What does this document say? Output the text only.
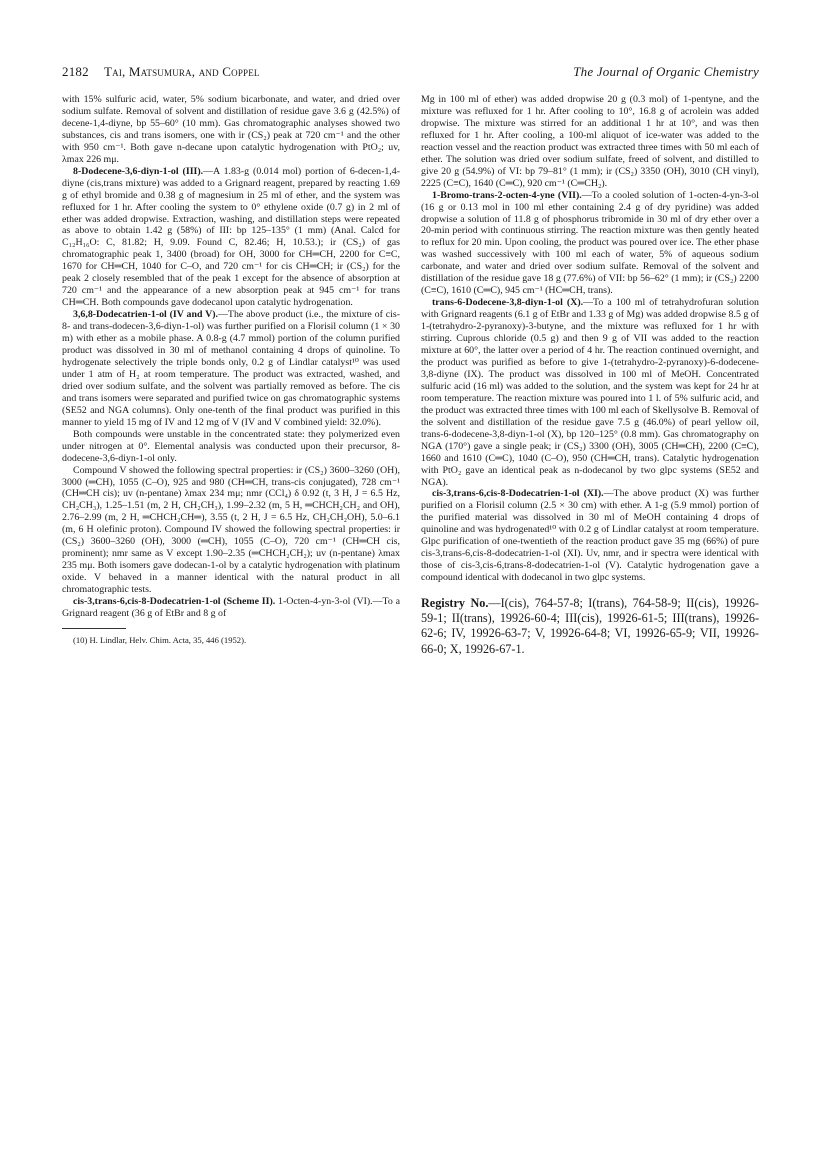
2182 Tai, Matsumura, and Coppel	The Journal of Organic Chemistry

with 15% sulfuric acid, water, 5% sodium bicarbonate, and water, and dried over sodium sulfate. Removal of solvent and distillation of residue gave 3.6 g (42.5%) of decene-1,4-diyne, bp 55–60° (10 mm). Gas chromatographic analyses showed two substances, cis and trans isomers, one with ir (CS₂) peak at 720 cm⁻¹ and the other with 950 cm⁻¹. Both gave n-decane upon catalytic hydrogenation with PtO₂; uv, λmax 226 mμ.

8-Dodecene-3,6-diyn-1-ol (III).—A 1.83-g (0.014 mol) portion of 6-decen-1,4-diyne (cis,trans mixture) was added to a Grignard reagent, prepared by reacting 1.69 g of ethyl bromide and 0.38 g of magnesium in 25 ml of ether, and the system was refluxed for 1 hr. After cooling the system to 0° ethylene oxide (0.7 g) in 2 ml of ether was added dropwise. Extraction, washing, and distillation steps were repeated as above to obtain 1.42 g (58%) of III: bp 125–135° (1 mm) (Anal. Calcd for C₁₂H₁₆O: C, 81.82; H, 9.09. Found C, 82.46; H, 10.53.); ir (CS₂) of gas chromatographic peak 1, 3400 (broad) for OH, 3000 for CH═CH, 2200 for C≡C, 1670 for CH═CH, 1040 for C–O, and 720 cm⁻¹ for cis CH═CH; ir (CS₂) for the peak 2 closely resembled that of the peak 1 except for the absence of absorption at 720 cm⁻¹ and the appearance of a new absorption peak at 945 cm⁻¹ for trans CH═CH. Both compounds gave dodecanol upon catalytic hydrogenation.

3,6,8-Dodecatrien-1-ol (IV and V).—The above product (i.e., the mixture of cis-8- and trans-dodecen-3,6-diyn-1-ol) was further purified on a Florisil column (1 × 30 m) with ether as a mobile phase. A 0.8-g (4.7 mmol) portion of the column purified product was dissolved in 30 ml of methanol containing 4 drops of quinoline. To hydrogenate selectively the triple bonds only, 0.2 g of Lindlar catalyst¹⁰ was used under 1 atm of H₂ at room temperature. The product was extracted, washed, and dried over sodium sulfate, and the solvent was partially removed as before. The cis and trans isomers were separated and purified twice on gas chromatographic systems (SE52 and NGA columns). Only one-tenth of the final product was purified in this manner to yield 15 mg of IV and 12 mg of V (IV and V combined yield: 32.0%).

Both compounds were unstable in the concentrated state: they polymerized even under nitrogen at 0°. Elemental analysis was conducted upon their precursor, 8-dodecene-3,6-diyn-1-ol only.

Compound V showed the following spectral properties: ir (CS₂) 3600–3260 (OH), 3000 (═CH), 1055 (C–O), 925 and 980 (CH═CH, trans-cis conjugated), 728 cm⁻¹ (CH═CH cis); uv (n-pentane) λmax 234 mμ; nmr (CCl₄) δ 0.92 (t, 3 H, J = 6.5 Hz, CH₂CH₃), 1.25–1.51 (m, 2 H, CH₂CH₃), 1.99–2.32 (m, 5 H, ═CHCH₂CH₂ and OH), 2.76–2.99 (m, 2 H, ═CHCH₂CH═), 3.55 (t, 2 H, J = 6.5 Hz, CH₂CH₂OH), 5.0–6.1 (m, 6 H olefinic proton). Compound IV showed the following spectral properties: ir (CS₂) 3600–3260 (OH), 3000 (═CH), 1055 (C–O), 720 cm⁻¹ (CH═CH cis, prominent); nmr same as V except 1.90–2.35 (═CHCH₂CH₂); uv (n-pentane) λmax 235 mμ. Both isomers gave dodecan-1-ol by a catalytic hydrogenation with platinum oxide. V behaved in a manner identical with the natural product in all chromatographic tests.

cis-3,trans-6,cis-8-Dodecatrien-1-ol (Scheme II). 1-Octen-4-yn-3-ol (VI).—To a Grignard reagent (36 g of EtBr and 8 g of

(10) H. Lindlar, Helv. Chim. Acta, 35, 446 (1952).

Mg in 100 ml of ether) was added dropwise 20 g (0.3 mol) of 1-pentyne, and the mixture was refluxed for 1 hr. After cooling to 10°, 16.8 g of acrolein was added dropwise. The mixture was stirred for an additional 1 hr at 10°, and was then refluxed for 1 hr. After cooling, a 100-ml aliquot of ice-water was added to the reaction vessel and the reaction product was extracted three times with 50 ml each of ether. The solution was dried over sodium sulfate, freed of solvent, and distilled to give 20 g (54.9%) of VI: bp 79–81° (1 mm); ir (CS₂) 3350 (OH), 3010 (CH vinyl), 2225 (C≡C), 1640 (C═C), 920 cm⁻¹ (C═CH₂).

1-Bromo-trans-2-octen-4-yne (VII).—To a cooled solution of 1-octen-4-yn-3-ol (16 g or 0.13 mol in 100 ml ether containing 2.4 g of dry pyridine) was added dropwise a solution of 11.8 g of phosphorus tribromide in 30 ml of dry ether over a 20-min period with continuous stirring. The reaction mixture was then gently heated to reflux for 20 min. Upon cooling, the product was poured over ice. The ether phase was washed successively with 100 ml each of water, 5% of aqueous sodium carbonate, and water and dried over sodium sulfate. Removal of the solvent and distillation of the residue gave 18 g (77.6%) of VII: bp 56–62° (1 mm); ir (CS₂) 2200 (C≡C), 1610 (C═C), 945 cm⁻¹ (HC═CH, trans).

trans-6-Dodecene-3,8-diyn-1-ol (X).—To a 100 ml of tetrahydrofuran solution with Grignard reagents (6.1 g of EtBr and 1.33 g of Mg) was added dropwise 8.5 g of 1-(tetrahydro-2-pyranoxy)-3-butyne, and the mixture was refluxed for 1 hr with stirring. Cuprous chloride (0.5 g) and then 9 g of VII was added to the reaction mixture at 60°, the latter over a period of 4 hr. The reaction continued overnight, and the product was purified as before to give 1-(tetrahydro-2-pyranoxy)-6-dodecene-3,8-diyne (IX). The product was dissolved in 100 ml of MeOH. Concentrated sulfuric acid (16 ml) was added to the solution, and the system was kept for 24 hr at room temperature. The reaction mixture was poured into 1 l. of 5% sulfuric acid, and the product was extracted three times with 100 ml each of Skellysolve B. Removal of the solvent and distillation of the residue gave 7.5 g (46.0%) of pearl yellow oil, trans-6-dodecene-3,8-diyn-1-ol (X), bp 120–125° (0.8 mm). Gas chromatography on NGA (170°) gave a single peak; ir (CS₂) 3300 (OH), 3005 (CH═CH), 2200 (C≡C), 1660 and 1610 (C═C), 1040 (C–O), 950 (CH═CH, trans). Catalytic hydrogenation with PtO₂ gave an identical peak as n-dodecanol by two glpc systems (SE52 and NGA).

cis-3,trans-6,cis-8-Dodecatrien-1-ol (XI).—The above product (X) was further purified on a Florisil column (2.5 × 30 cm) with ether. A 1-g (5.9 mmol) portion of the purified material was dissolved in 30 ml of MeOH containing 4 drops of quinoline and was hydrogenated¹⁰ with 0.2 g of Lindlar catalyst at room temperature. Glpc purification of one-twentieth of the reaction product gave 35 mg (66%) of pure cis-3,trans-6,cis-8-dodecatrien-1-ol (XI). Uv, nmr, and ir spectra were identical with those of cis-3,cis-6,trans-8-dodecatrien-1-ol (V). Catalytic hydrogenation gave a compound identical with dodecanol in two glpc systems.

Registry No.—I(cis), 764-57-8; I(trans), 764-58-9; II(cis), 19926-59-1; II(trans), 19926-60-4; III(cis), 19926-61-5; III(trans), 19926-62-6; IV, 19926-63-7; V, 19926-64-8; VI, 19926-65-9; VII, 19926-66-0; X, 19926-67-1.
